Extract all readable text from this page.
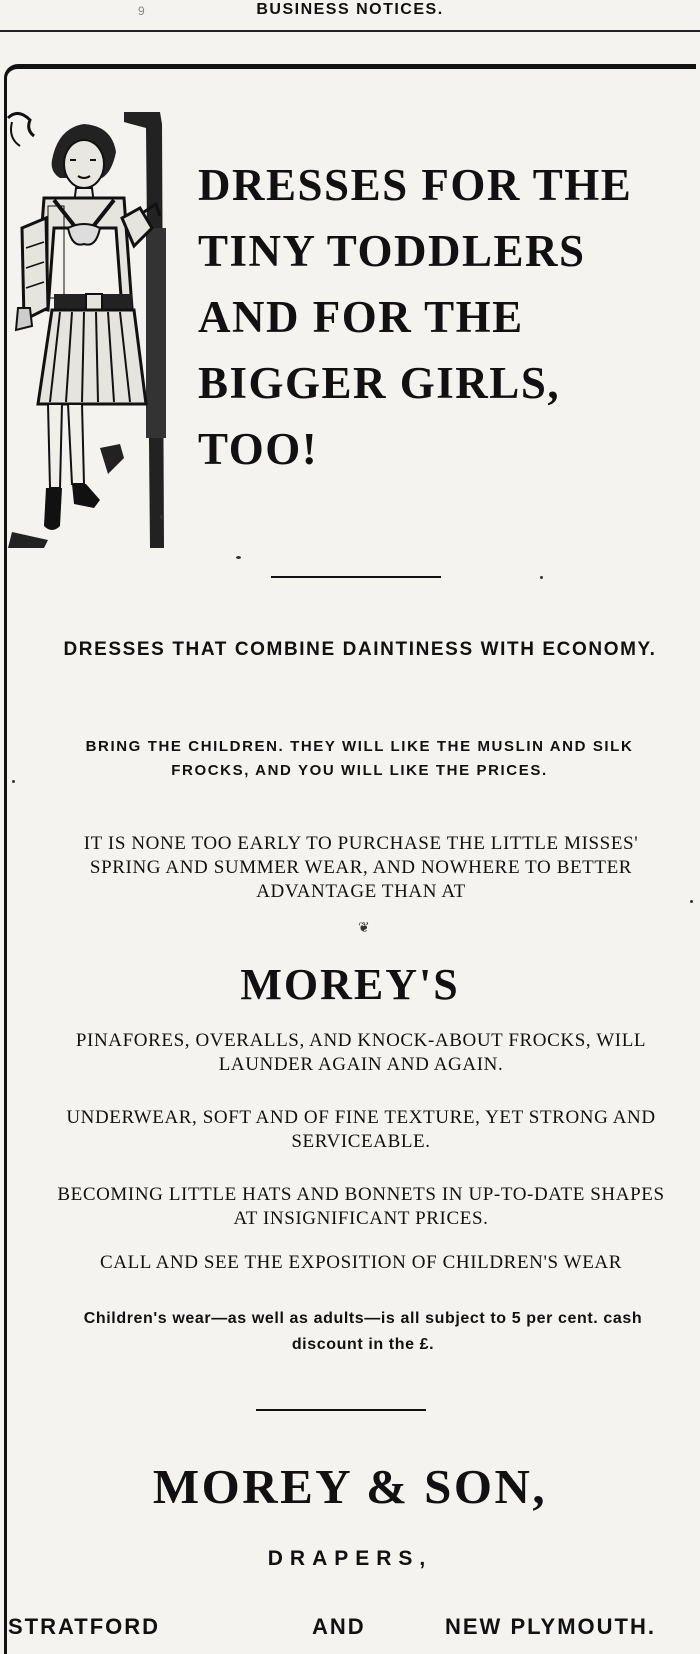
9	BUSINESS NOTICES.
DRESSES FOR THE
TINY TODDLERS
AND FOR THE
BIGGER GIRLS,
TOO!

DRESSES THAT COMBINE DAINTINESS WITH ECONOMY.

BRING THE CHILDREN. THEY WILL LIKE THE MUSLIN AND SILK FROCKS, AND YOU WILL LIKE THE PRICES.

IT IS NONE TOO EARLY TO PURCHASE THE LITTLE MISSES' SPRING AND SUMMER WEAR, AND NOWHERE TO BETTER ADVANTAGE THAN AT

❦
MOREY'S

PINAFORES, OVERALLS, AND KNOCK-ABOUT FROCKS, WILL LAUNDER AGAIN AND AGAIN.

UNDERWEAR, SOFT AND OF FINE TEXTURE, YET STRONG AND SERVICEABLE.

BECOMING LITTLE HATS AND BONNETS IN UP-TO-DATE SHAPES AT INSIGNIFICANT PRICES.

CALL AND SEE THE EXPOSITION OF CHILDREN'S WEAR

Children's wear—as well as adults—is all subject to 5 per cent. cash discount in the £.

MOREY & SON,
DRAPERS,
STRATFORD	AND	NEW PLYMOUTH.
